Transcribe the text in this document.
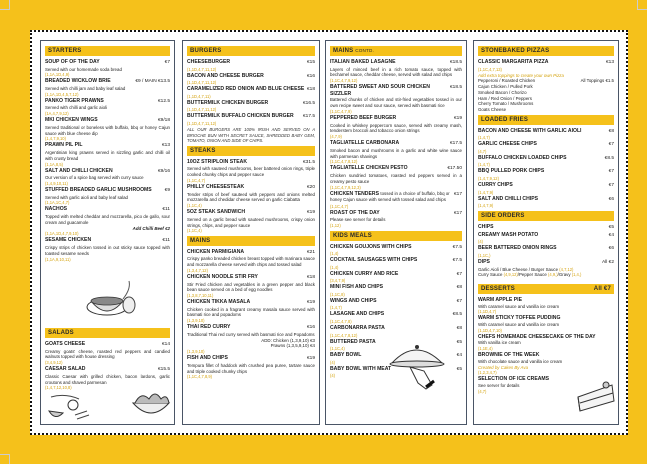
STARTERS
SOUP OF OF THE DAY	€7
Served with our homemade soda bread
(1,1A,1D,4,9)
BREADED WICKLOW BRIE	€9 / MAIN €13.5
Served with chilli jam and baby leaf salad
(1,1A,1D,4,5,7,12)
PANKO TIGER PRAWNS	€12.5
Served with chilli and garlic aioli
(1A,4,7,9,12)
MKI CHICKEN WINGS	€9/18
Served traditional or boneless with buffalo, bbq or honey Cajun sauce with blue cheese dip
(1,4,7,9,10)
PRAWN PIL PIL	€13
Argentinian king prawns served in sizzling garlic and chilli oil with crusty bread
(1,1A,8,5)
SALT AND CHILLI CHICKEN	€9/16
Our version of a spice bag served with curry sauce
(1,4,9,10,11)
STUFFED BREADED GARLIC MUSHROOMS	€9
Served with garlic aioli and baby leaf salad
(1,1A,1C,4,7)
NACHOS	€11
Topped with melted cheddar and mozzarella, pico de gallo, sour cream and guacamole
Add Chilli Beef €2
(1,1A,1D,4,7,9,10)
SESAME CHICKEN	€11
Crispy strips of chicken tossed in out sticky sauce topped with toasted sesame seeds
(1,1A,9,10,11)
SALADS
GOATS CHEESE	€14
Creamy goats' cheese, roasted red peppers and candied walnuts topped with house dressing
(3,4,9,12)
CAESAR SALAD	€15.5
Classic Caesar with grilled chicken, bacon lardons, garlic croutons and shaved parmesan
(1,4,7,12,10,8)
BURGERS
CHEESEBURGER	€15
(1,1D,4,7,11,12)
BACON AND CHEESE BURGER	€16
(1,1D,4,7,11,12)
CARAMELIZED RED ONION AND BLUE CHEESE €18
(1,1D,4,7,11)
BUTTERMILK CHICKEN BURGER	€16.5
(1,1D,4,7,11,12)
BUTTERMILK BUFFALO CHICKEN BURGER	€17.5
(1,1D,4,7,11,12)
ALL OUR BURGERS ARE 100% IRISH AND SERVED ON A BRIOCHE BUN WITH SECRET SAUCE, SHREDDED BABY GEM, TOMATO, ONION AND SIDE OF CHIPS.
STEAKS
10OZ STRIPLOIN STEAK	€31.5
Served with sauteed mushrooms, beer battered onion rings, triple cooked chunky chips and pepper sauce
(1,1C,4,7)
PHILLY CHEESESTEAK	€20
Tender strips of beef sauteed with peppers and onions melted mozzarella and chedidar cheese served on garlic Ciabatta
(1,1C,4)
5OZ STEAK SANDWICH	€19
Served on a garlic bread with sauteed mushrooms, crispy onion strings, chips, and pepper sauce
(1,1C,4)
MAINS
CHICKEN PARMIGIANA	€21
Crispy panko breaded chicken breast topped with marinara sauce and mozzarella cheese served with chips and tossed salad
(1,3,4,7,12)
CHICKEN NOODLE STIR FRY	€18
Stir Fried chicken and vegetables in a green pepper and black bean sauce served on a bed of egg noodles
(1,3,8,7,10,11)
CHICKEN TIKKA MASALA	€19
Chicken cooked in a fragrant creamy masala sauce served with basmati rice and popadoms
(1,3,9,10)
THAI RED CURRY	€16
Traditional Thai red curry served with basmati rice and Popadoms
ADD: Chicken (1,3,9,10) €3
Prawns (1,3,5,9,10) €4
(1,3,9,10)
FISH AND CHIPS	€19
Tempura fillet of haddock with crushed pea puree, tartare sauce and triple cooked chunky chips
(1,1C,4,7,8,9)
MAINS CONTD.
ITALIAN BAKED LASAGNE	€18.5
Layers of minced beef in a rich tomato sauce, topped with bechamel sauce, cheddar cheese, served with salad and chips
(1,1C,4,7,9,12)
BATTERED SWEET AND SOUR CHICKEN SIZZLER
€18.5
Battered chunks of chicken and stir-fried vegetables tossed in our own recipe sweet and sour sauce, served with basmati rice
(1,1C,4,7,9)
PEPPERED BEEF BURGER	€19
Cooked in whiskey peppercorn sauce, served with creamy mash, tenderstem broccoli and tobacco onion strings
(4,7,9)
TAGLIATELLE CARBONARA	€17.5
Smoked bacon and mushrooms in a garlic and white wine sauce with parmesan shavings
(1,1C,4,7,8,12)
TAGLIATELLE CHICKEN PESTO	€17.50
Chicken sundried tomatoes, roasted red peppers served in a creamy pesto sauce
(1,1C,4,7,9,12,3)
CHICKEN TENDERS tossed in a choice of buffalo, bbq or honey Cajun sauce with served with tossed salad and chips
€17
(1,1C,4,7)
ROAST OF THE DAY	€17
Please see server for details
(1,12)
KIDS MEALS
CHICKEN GOUJONS WITH CHIPS	€7.5
(1,4)
COCKTAIL SAUSAGES WITH CHIPS	€7.5
(1,4)
CHICKEN CURRY AND RICE	€7
(3,4,7,9)
MINI FISH AND CHIPS	€8
(1,1C,8)
WINGS AND CHIPS	€7
(1,4,7)
LASAGNE AND CHIPS	€8.5
(1,1C,4,7,8)
CARBONARRA PASTA	€8
(1,1C,4,7,8,12)
BUTTERED PASTA	€5
(1,1C,4)
BABY BOWL	€4
(4)
BABY BOWL WITH MEAT	€5
(4)
STONEBAKED PIZZAS
CLASSIC MARGARITA PIZZA	€13
(1,1C,4,7,13)
Add extra toppings to create your own Pizza
Pepperoni / Roasted Chicken	All Toppings €1.5
Cajun Chicken / Pulled Pork
Smoked Bacon / Chorizo
Ham / Red Onion / Peppers
Cherry Tomato / Mushrooms
Goats Cheese
LOADED FRIES
BACON AND CHEESE WITH GARLIC AIOLI	€8
(1,4,7)
GARLIC CHEESE CHIPS	€7
(4,7)
BUFFALO CHICKEN LOADED CHIPS	€8.5
(1,4,7)
BBQ PULLED PORK CHIPS	€7
(1,4,7,9,12)
CURRY CHIPS	€7
(1,4,7,9)
SALT AND CHILLI CHIPS	€6
(1,4,7,9)
SIDE ORDERS
CHIPS	€5
CREAMY MASH POTATO	€4
(4)
BEER BATTERED ONION RINGS	€6
(1,1C,)
DIPS	All €2
Garlic Aioli / Blue Cheese / Burger Sauce (4,7,12)
Curry Sauce (4,9,12)/Pepper Sauce (4,9,)/Gravy (1,4,)
DESSERTS	All €7
WARM APPLE PIE
With caramel sauce and vanilla ice cream
(1,1D,4,7)
WARM STICKY TOFFEE PUDDING
With caramel sauce and vanilla ice cream
(1,1D,4,7,10)
CHEFS HOMEMADE CHEESECAKE OF THE DAY
With vanilla ice cream
(1,1E,4)
BROWNIE OF THE WEEK
With chocolate sauce and vanilla ice cream
Created by Cakes By Ava
(1,2,3,4,7)
SELECTION OF ICE CREAMS
See server for details
(4,7)
